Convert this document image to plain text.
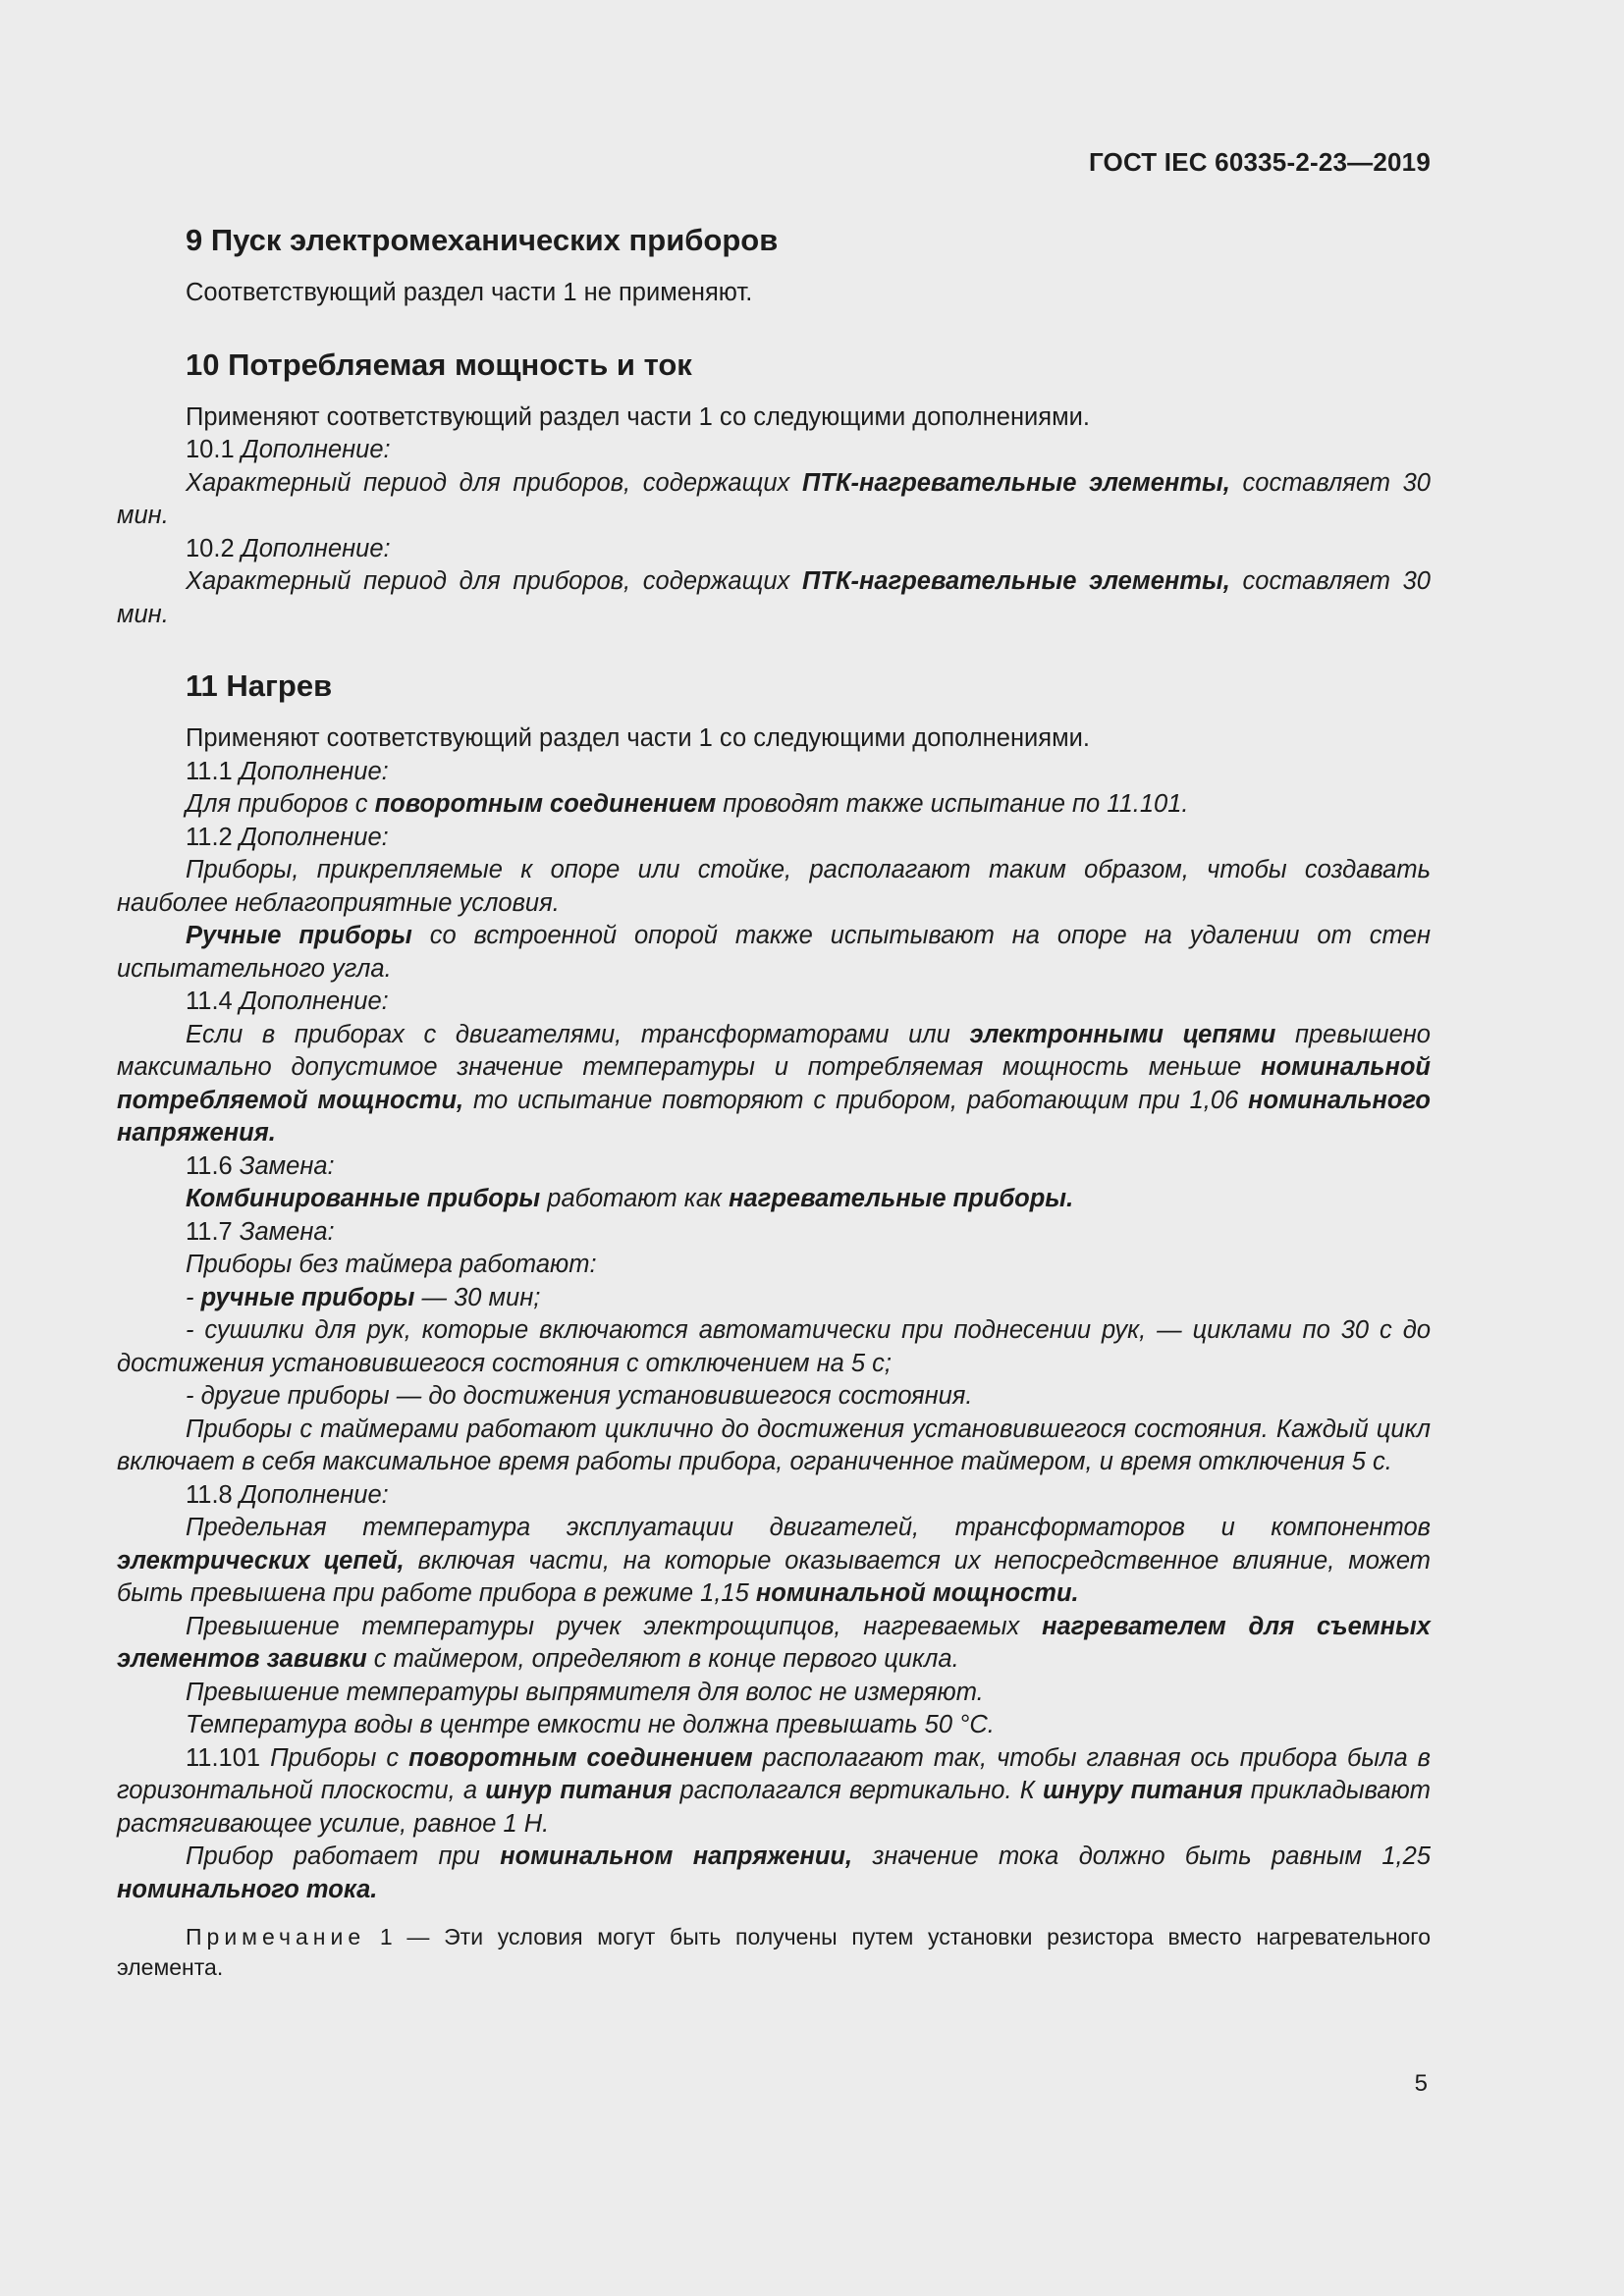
ГОСТ IEC 60335-2-23—2019
9 Пуск электромеханических приборов

Соответствующий раздел части 1 не применяют.

10 Потребляемая мощность и ток

Применяют соответствующий раздел части 1 со следующими дополнениями.

10.1 Дополнение:

Характерный период для приборов, содержащих ПТК-нагревательные элементы, составляет 30 мин.

10.2 Дополнение:

Характерный период для приборов, содержащих ПТК-нагревательные элементы, составляет 30 мин.

11 Нагрев

Применяют соответствующий раздел части 1 со следующими дополнениями.

11.1 Дополнение:

Для приборов с поворотным соединением проводят также испытание по 11.101.

11.2 Дополнение:

Приборы, прикрепляемые к опоре или стойке, располагают таким образом, чтобы создавать наиболее неблагоприятные условия.

Ручные приборы со встроенной опорой также испытывают на опоре на удалении от стен испытательного угла.

11.4 Дополнение:

Если в приборах с двигателями, трансформаторами или электронными цепями превышено максимально допустимое значение температуры и потребляемая мощность меньше номинальной потребляемой мощности, то испытание повторяют с прибором, работающим при 1,06 номинального напряжения.

11.6 Замена:

Комбинированные приборы работают как нагревательные приборы.

11.7 Замена:

Приборы без таймера работают:

- ручные приборы — 30 мин;

- сушилки для рук, которые включаются автоматически при поднесении рук, — циклами по 30 с до достижения установившегося состояния с отключением на 5 с;

- другие приборы — до достижения установившегося состояния.

Приборы с таймерами работают циклично до достижения установившегося состояния. Каждый цикл включает в себя максимальное время работы прибора, ограниченное таймером, и время отключения 5 с.

11.8 Дополнение:

Предельная температура эксплуатации двигателей, трансформаторов и компонентов электрических цепей, включая части, на которые оказывается их непосредственное влияние, может быть превышена при работе прибора в режиме 1,15 номинальной мощности.

Превышение температуры ручек электрощипцов, нагреваемых нагревателем для съемных элементов завивки с таймером, определяют в конце первого цикла.

Превышение температуры выпрямителя для волос не измеряют.

Температура воды в центре емкости не должна превышать 50 °С.

11.101 Приборы с поворотным соединением располагают так, чтобы главная ось прибора была в горизонтальной плоскости, а шнур питания располагался вертикально. К шнуру питания прикладывают растягивающее усилие, равное 1 Н.

Прибор работает при номинальном напряжении, значение тока должно быть равным 1,25 номинального тока.

Примечание 1 — Эти условия могут быть получены путем установки резистора вместо нагревательного элемента.

5
